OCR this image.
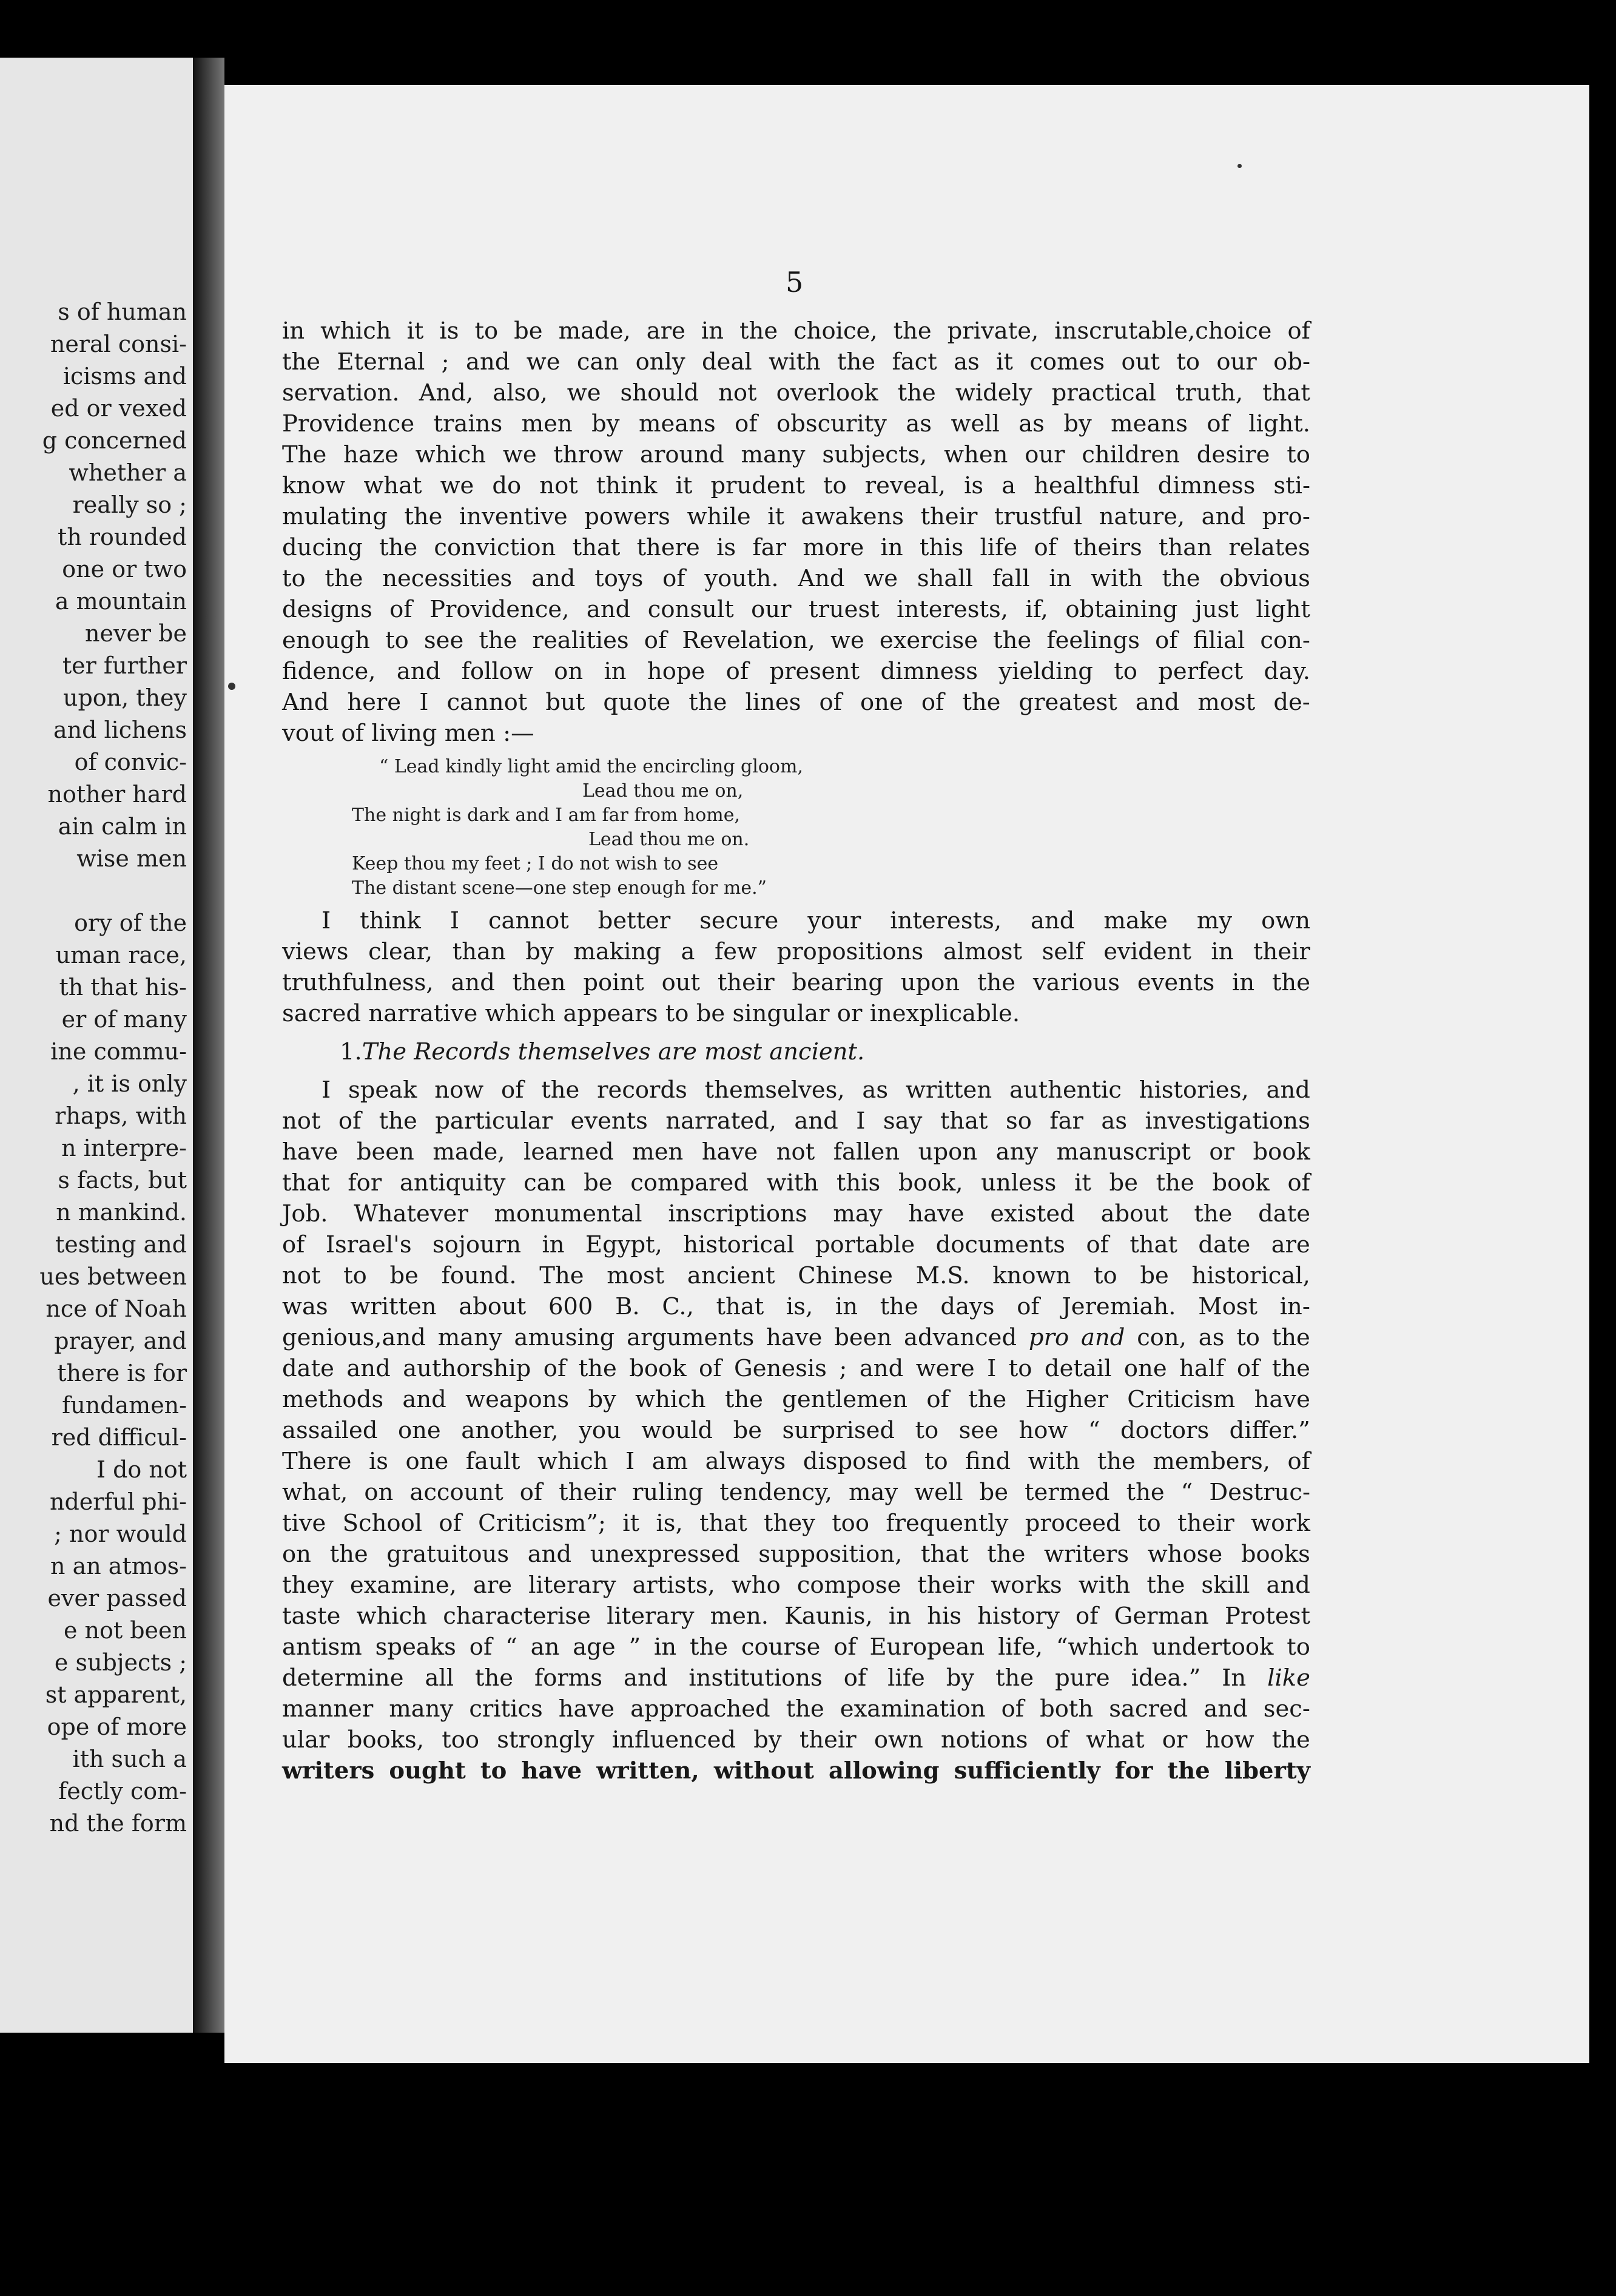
s of human
neral consi-
icisms and
ed or vexed
g concerned
whether a
really so ;
th rounded
one or two
a mountain
never be
ter further
upon, they
and lichens
of convic-
nother hard
ain calm in
wise men
ory of the
uman race,
th that his-
er of many
ine commu-
, it is only
rhaps, with
n interpre-
s facts, but
n mankind.
testing and
ues between
nce of Noah
prayer, and
there is for
fundamen-
red difficul-
I do not
nderful phi-
; nor would
n an atmos-
ever passed
e not been
e subjects ;
st apparent,
ope of more
ith such a
fectly com-
nd the form
5
in which it is to be made, are in the choice, the private, inscrutable,choice of
the Eternal ; and we can only deal with the fact as it comes out to our ob-
servation. And, also, we should not overlook the widely practical truth, that
Providence trains men by means of obscurity as well as by means of light.
The haze which we throw around many subjects, when our children desire to
know what we do not think it prudent to reveal, is a healthful dimness sti-
mulating the inventive powers while it awakens their trustful nature, and pro-
ducing the conviction that there is far more in this life of theirs than relates
to the necessities and toys of youth. And we shall fall in with the obvious
designs of Providence, and consult our truest interests, if, obtaining just light
enough to see the realities of Revelation, we exercise the feelings of filial con-
fidence, and follow on in hope of present dimness yielding to perfect day.
And here I cannot but quote the lines of one of the greatest and most de-
vout of living men :—
“ Lead kindly light amid the encircling gloom,
Lead thou me on,
The night is dark and I am far from home,
Lead thou me on.
Keep thou my feet ; I do not wish to see
The distant scene—one step enough for me.”
I think I cannot better secure your interests, and make my own
views clear, than by making a few propositions almost self evident in their
truthfulness, and then point out their bearing upon the various events in the
sacred narrative which appears to be singular or inexplicable.
1. The Records themselves are most ancient.
I speak now of the records themselves, as written authentic histories, and
not of the particular events narrated, and I say that so far as investigations
have been made, learned men have not fallen upon any manuscript or book
that for antiquity can be compared with this book, unless it be the book of
Job. Whatever monumental inscriptions may have existed about the date
of Israel's sojourn in Egypt, historical portable documents of that date are
not to be found. The most ancient Chinese M.S. known to be historical,
was written about 600 B. C., that is, in the days of Jeremiah. Most in-
genious,and many amusing arguments have been advanced pro and con, as to the
date and authorship of the book of Genesis ; and were I to detail one half of the
methods and weapons by which the gentlemen of the Higher Criticism have
assailed one another, you would be surprised to see how “ doctors differ.”
There is one fault which I am always disposed to find with the members, of
what, on account of their ruling tendency, may well be termed the “ Destruc-
tive School of Criticism”; it is, that they too frequently proceed to their work
on the gratuitous and unexpressed supposition, that the writers whose books
they examine, are literary artists, who compose their works with the skill and
taste which characterise literary men. Kaunis, in his history of German Protest
antism speaks of “ an age ” in the course of European life, “which undertook to
determine all the forms and institutions of life by the pure idea.” In like
manner many critics have approached the examination of both sacred and sec-
ular books, too strongly influenced by their own notions of what or how the
writers ought to have written, without allowing sufficiently for the liberty
